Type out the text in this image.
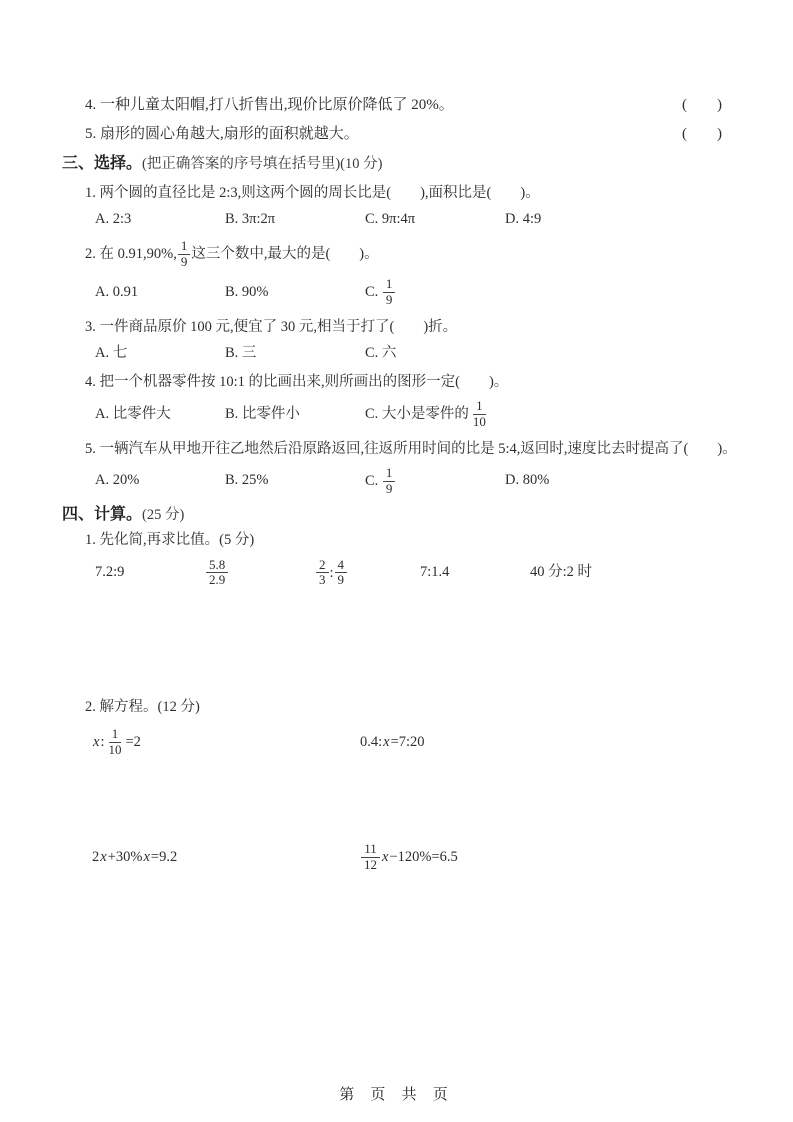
4. 一种儿童太阳帽,打八折售出,现价比原价降低了 20%。	(　　)
5. 扇形的圆心角越大,扇形的面积就越大。	(　　)
三、选择。(把正确答案的序号填在括号里)(10 分)
1. 两个圆的直径比是 2:3,则这两个圆的周长比是(　　),面积比是(　　)。
A. 2:3	B. 3π:2π	C. 9π:4π	D. 4:9
2. 在 0.91,90%, $\frac{1}{9}$ 这三个数中,最大的是(　　)。
A. 0.91	B. 90%	C. $\frac{1}{9}$
3. 一件商品原价 100 元,便宜了 30 元,相当于打了(　　)折。
A. 七	B. 三	C. 六
4. 把一个机器零件按 10:1 的比画出来,则所画出的图形一定(　　)。
A. 比零件大	B. 比零件小	C. 大小是零件的 $\frac{1}{10}$
5. 一辆汽车从甲地开往乙地然后沿原路返回,往返所用时间的比是 5:4,返回时,速度比去时提高了(　　)。
A. 20%	B. 25%	C. $\frac{1}{9}$	D. 80%
四、计算。(25 分)
1. 先化简,再求比值。(5 分)
7.2:9	$\frac{5.8}{2.9}$	$\frac{2}{3}$ : $\frac{4}{9}$	7:1.4	40 分:2 时
2. 解方程。(12 分)
x: $\frac{1}{10} =2$	0.4:x=7:20
2x+30%x=9.2	$\frac{11}{12} x-120\%=6.5$
第 页 共 页
